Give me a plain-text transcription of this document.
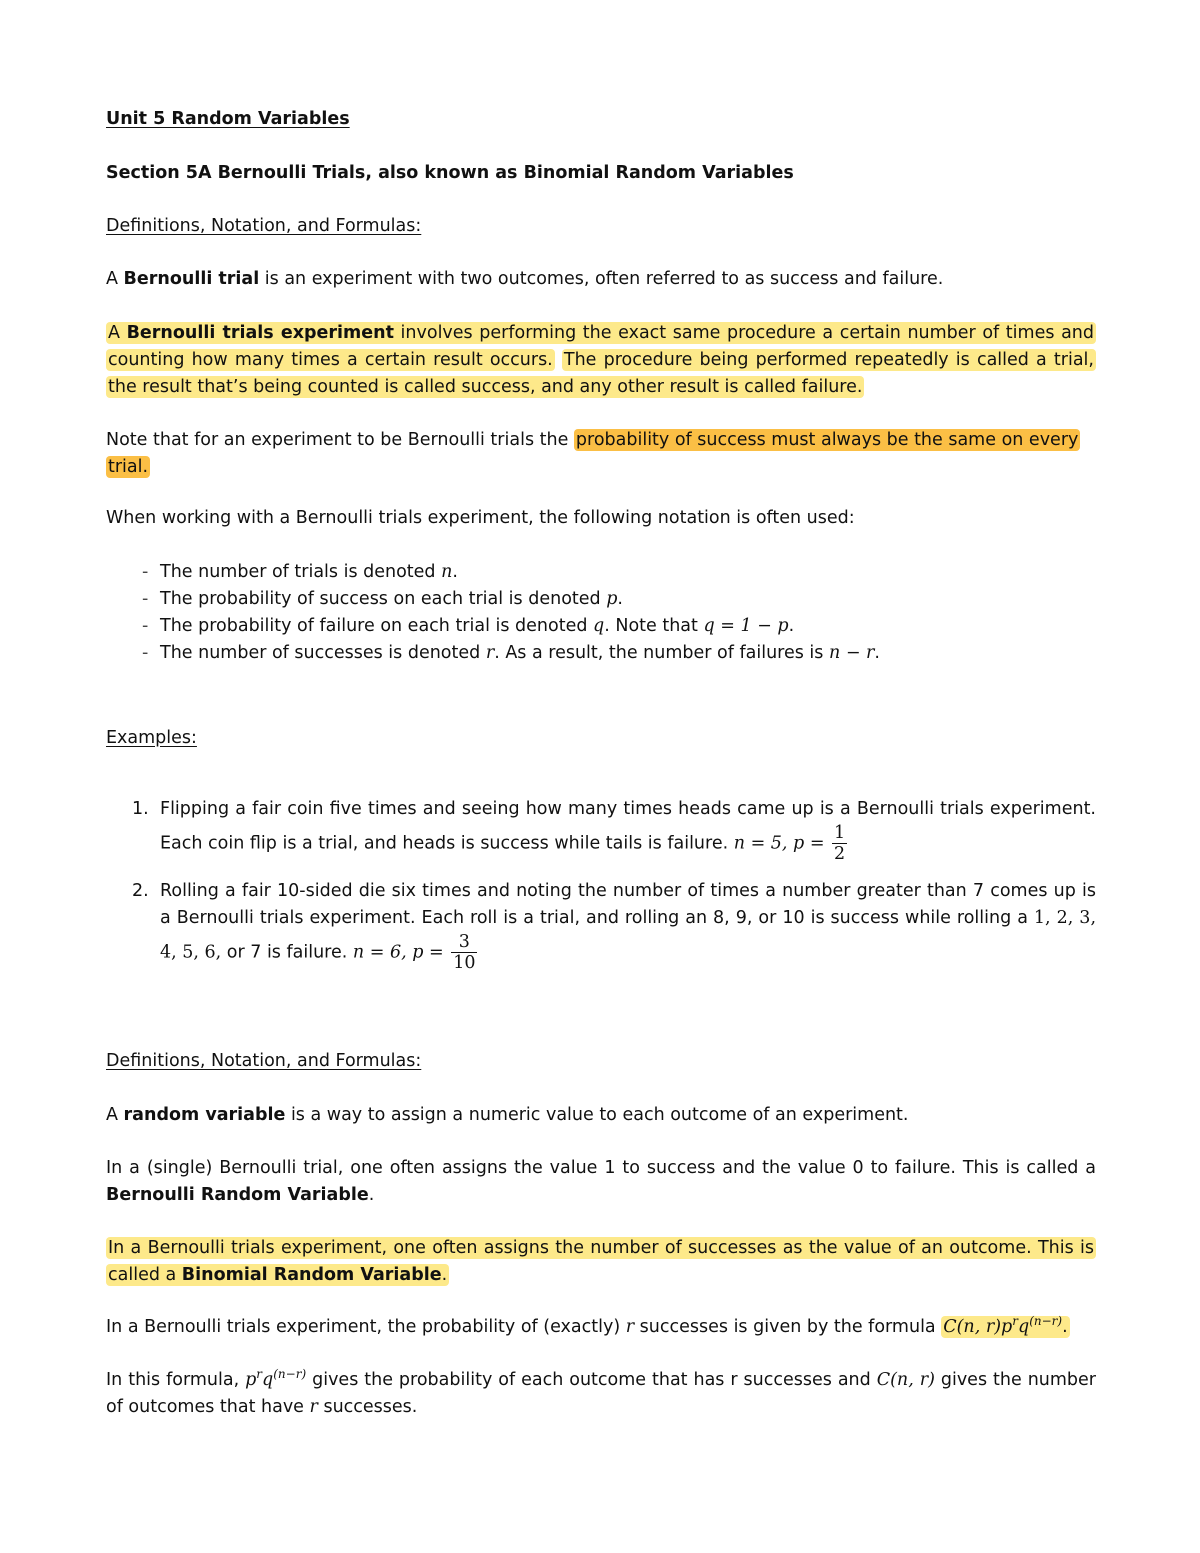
Unit 5 Random Variables

Section 5A Bernoulli Trials, also known as Binomial Random Variables

Definitions, Notation, and Formulas:

A Bernoulli trial is an experiment with two outcomes, often referred to as success and failure.

A Bernoulli trials experiment involves performing the exact same procedure a certain number of times and counting how many times a certain result occurs. The procedure being performed repeatedly is called a trial, the result that’s being counted is called success, and any other result is called failure.

Note that for an experiment to be Bernoulli trials the probability of success must always be the same on every trial.

When working with a Bernoulli trials experiment, the following notation is often used:

- The number of trials is denoted n.
- The probability of success on each trial is denoted p.
- The probability of failure on each trial is denoted q. Note that q = 1 − p.
- The number of successes is denoted r. As a result, the number of failures is n − r.

Examples:

1. Flipping a fair coin five times and seeing how many times heads came up is a Bernoulli trials experiment. Each coin flip is a trial, and heads is success while tails is failure. n = 5, $p = \frac{1}{2}$
2. Rolling a fair 10-sided die six times and noting the number of times a number greater than 7 comes up is a Bernoulli trials experiment. Each roll is a trial, and rolling an 8, 9, or 10 is success while rolling a 1, 2, 3, 4, 5, 6, or 7 is failure. n = 6, $p = \frac{3}{10}$

Definitions, Notation, and Formulas:

A random variable is a way to assign a numeric value to each outcome of an experiment.

In a (single) Bernoulli trial, one often assigns the value 1 to success and the value 0 to failure. This is called a Bernoulli Random Variable.

In a Bernoulli trials experiment, one often assigns the number of successes as the value of an outcome. This is called a Binomial Random Variable.

In a Bernoulli trials experiment, the probability of (exactly) r successes is given by the formula C(n, $r)p^rq^{(n-r)}$.

In this formula, $p^rq^{(n-r)}$ gives the probability of each outcome that has r successes and C(n, r) gives the number of outcomes that have r successes.
